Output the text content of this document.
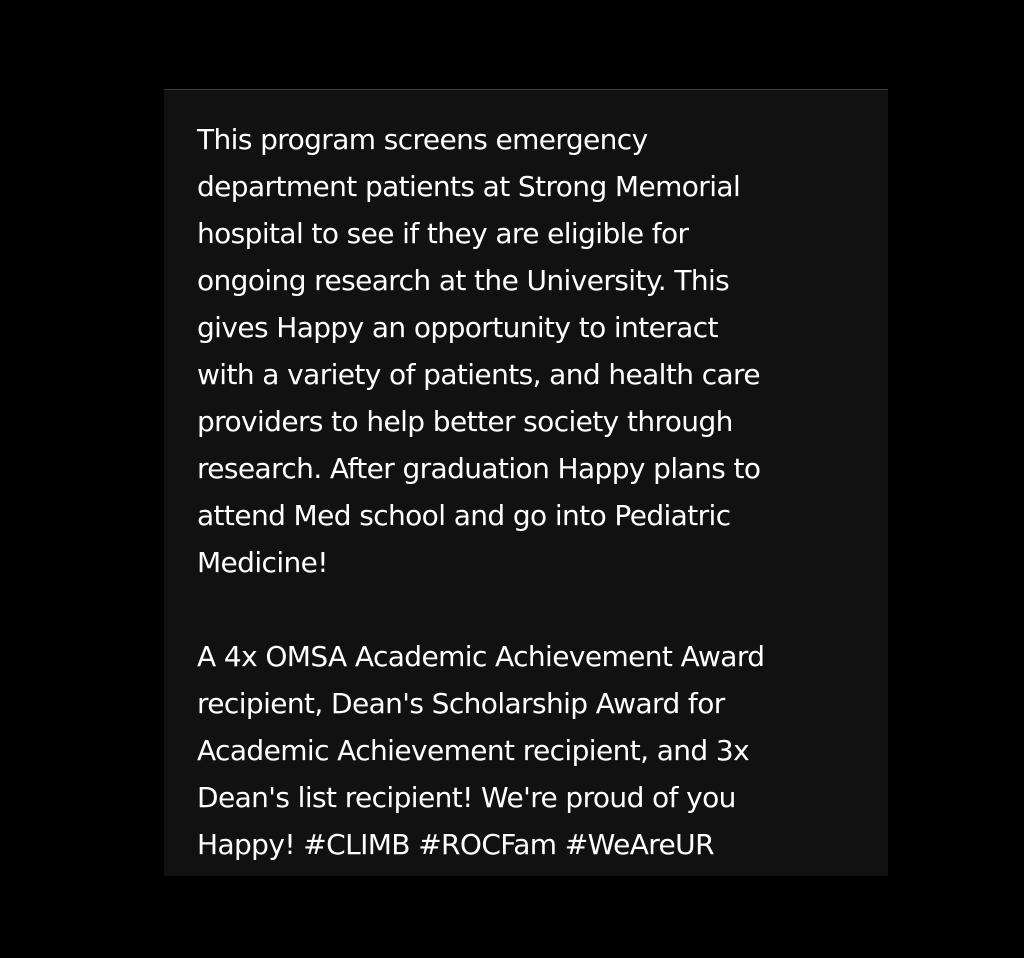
This program screens emergency
department patients at Strong Memorial
hospital to see if they are eligible for
ongoing research at the University. This
gives Happy an opportunity to interact
with a variety of patients, and health care
providers to help better society through
research. After graduation Happy plans to
attend Med school and go into Pediatric
Medicine!

A 4x OMSA Academic Achievement Award
recipient, Dean's Scholarship Award for
Academic Achievement recipient, and 3x
Dean's list recipient! We're proud of you
Happy! #CLIMB #ROCFam #WeAreUR
